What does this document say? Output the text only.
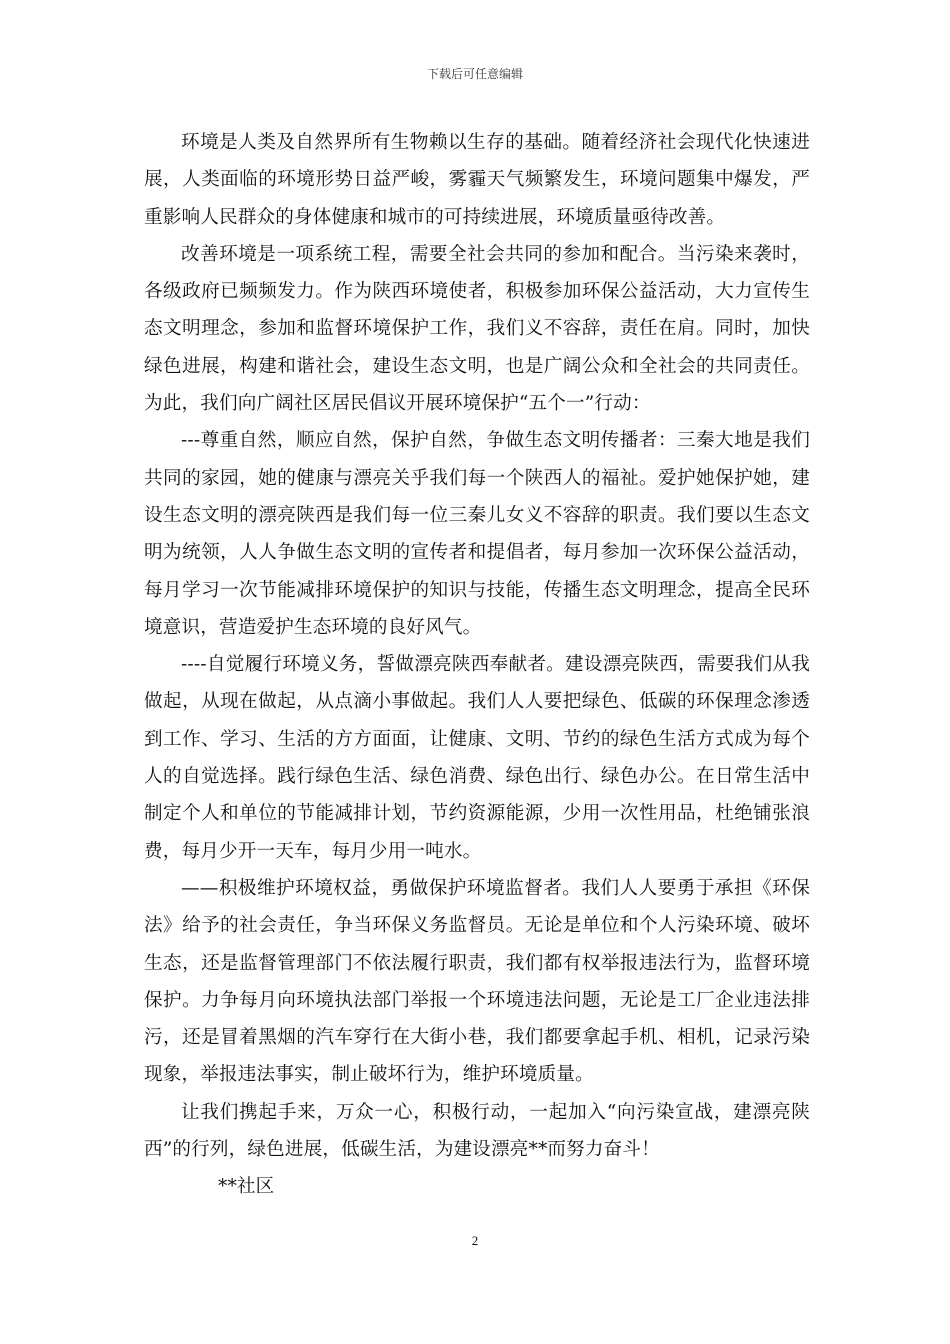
下载后可任意编辑

环境是人类及自然界所有生物赖以生存的基础。随着经济社会现代化快速进展，人类面临的环境形势日益严峻，雾霾天气频繁发生，环境问题集中爆发，严重影响人民群众的身体健康和城市的可持续进展，环境质量亟待改善。

改善环境是一项系统工程，需要全社会共同的参加和配合。当污染来袭时，各级政府已频频发力。作为陕西环境使者，积极参加环保公益活动，大力宣传生态文明理念，参加和监督环境保护工作，我们义不容辞，责任在肩。同时，加快绿色进展，构建和谐社会，建设生态文明，也是广阔公众和全社会的共同责任。为此，我们向广阔社区居民倡议开展环境保护“五个一”行动：

---尊重自然，顺应自然，保护自然，争做生态文明传播者：三秦大地是我们共同的家园，她的健康与漂亮关乎我们每一个陕西人的福祉。爱护她保护她，建设生态文明的漂亮陕西是我们每一位三秦儿女义不容辞的职责。我们要以生态文明为统领，人人争做生态文明的宣传者和提倡者，每月参加一次环保公益活动，每月学习一次节能减排环境保护的知识与技能，传播生态文明理念，提高全民环境意识，营造爱护生态环境的良好风气。

----自觉履行环境义务，誓做漂亮陕西奉献者。建设漂亮陕西，需要我们从我做起，从现在做起，从点滴小事做起。我们人人要把绿色、低碳的环保理念渗透到工作、学习、生活的方方面面，让健康、文明、节约的绿色生活方式成为每个人的自觉选择。践行绿色生活、绿色消费、绿色出行、绿色办公。在日常生活中制定个人和单位的节能减排计划，节约资源能源，少用一次性用品，杜绝铺张浪费，每月少开一天车，每月少用一吨水。

——积极维护环境权益，勇做保护环境监督者。我们人人要勇于承担《环保法》给予的社会责任，争当环保义务监督员。无论是单位和个人污染环境、破坏生态，还是监督管理部门不依法履行职责，我们都有权举报违法行为，监督环境保护。力争每月向环境执法部门举报一个环境违法问题，无论是工厂企业违法排污，还是冒着黑烟的汽车穿行在大街小巷，我们都要拿起手机、相机，记录污染现象，举报违法事实，制止破坏行为，维护环境质量。

让我们携起手来，万众一心，积极行动，一起加入“向污染宣战，建漂亮陕西”的行列，绿色进展，低碳生活，为建设漂亮**而努力奋斗！

**社区

2
